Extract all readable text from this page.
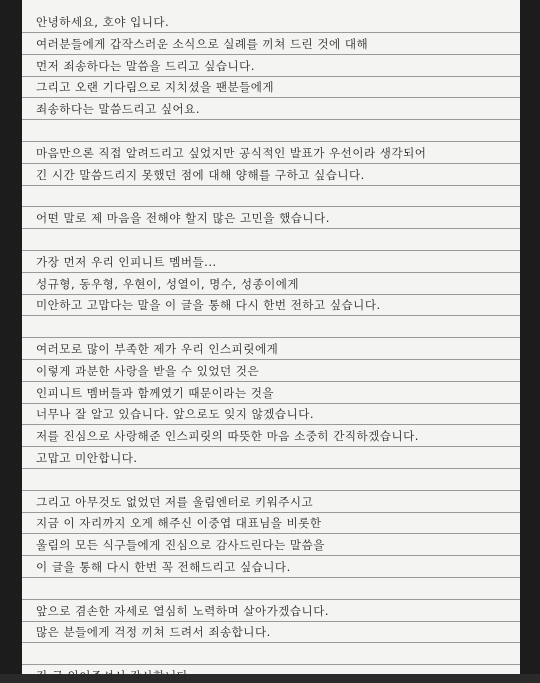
안녕하세요, 호야 입니다.
여러분들에게 갑작스러운 소식으로 실례를 끼쳐 드린 것에 대해
먼저 죄송하다는 말씀을 드리고 싶습니다.
그리고 오랜 기다림으로 지치셨을 팬분들에게
죄송하다는 말씀드리고 싶어요.
마음만으론 직접 알려드리고 싶었지만 공식적인 발표가 우선이라 생각되어
긴 시간 말씀드리지 못했던 점에 대해 양해를 구하고 싶습니다.
어떤 말로 제 마음을 전해야 할지 많은 고민을 했습니다.
가장 먼저 우리 인피니트 멤버들...
성규형, 동우형, 우현이, 성열이, 명수, 성종이에게
미안하고 고맙다는 말을 이 글을 통해 다시 한번 전하고 싶습니다.
여러모로 많이 부족한 제가 우리 인스피릿에게
이렇게 과분한 사랑을 받을 수 있었던 것은
인피니트 멤버들과 함께였기 때문이라는 것을
너무나 잘 알고 있습니다. 앞으로도 잊지 않겠습니다.
저를 진심으로 사랑해준 인스피릿의 따뜻한 마음 소중히 간직하겠습니다.
고맙고 미안합니다.
그리고 아무것도 없었던 저를 울림엔터로 키워주시고
지금 이 자리까지 오게 해주신 이중엽 대표님을 비롯한
울림의 모든 식구들에게 진심으로 감사드린다는 말씀을
이 글을 통해 다시 한번 꼭 전해드리고 싶습니다.
앞으로 겸손한 자세로 열심히 노력하며 살아가겠습니다.
많은 분들에게 걱정 끼쳐 드려서 죄송합니다.
긴 글 읽어주셔서 감사합니다.
